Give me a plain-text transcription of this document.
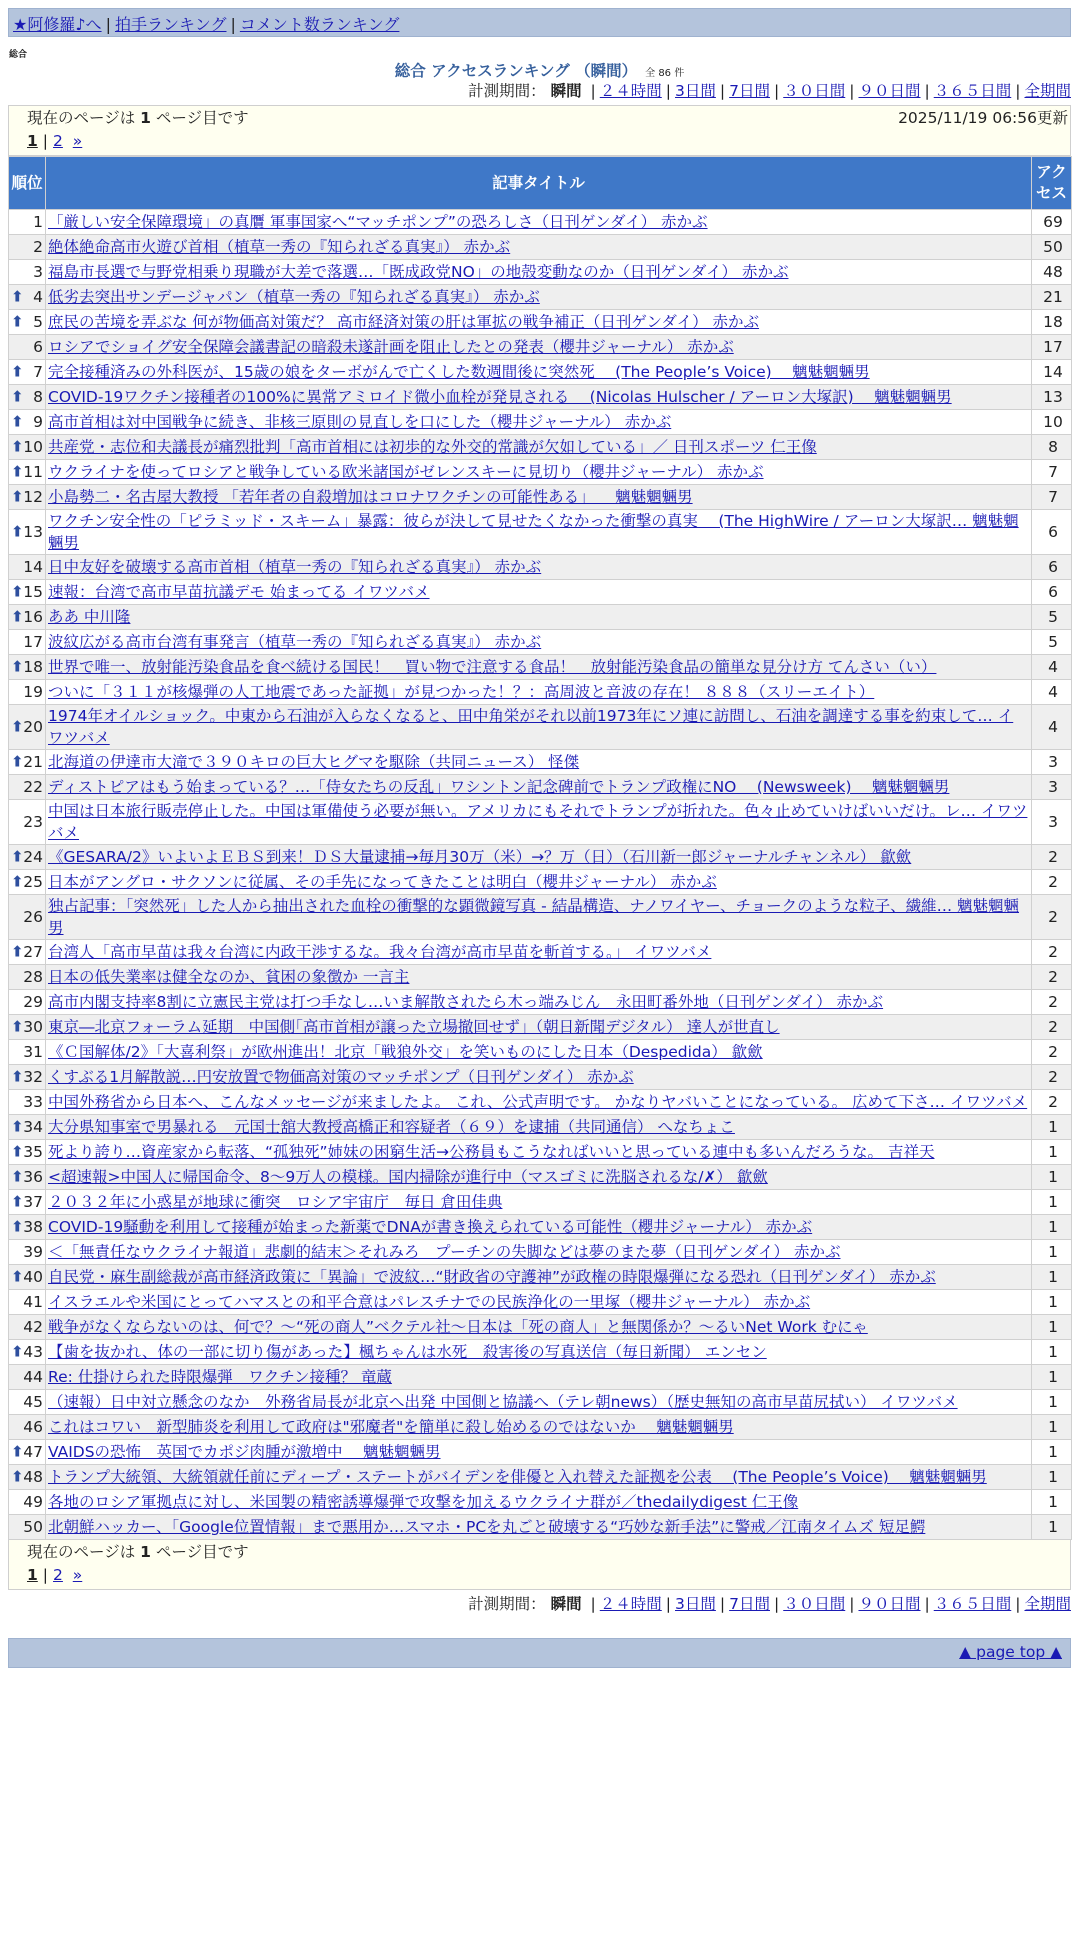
★阿修羅♪へ | 拍手ランキング | コメント数ランキング
総合
総合 アクセスランキング （瞬間） 全 86 件
計測期間： 瞬間 | ２４時間 | 3日間 | 7日間 | ３０日間 | ９０日間 | ３６５日間 | 全期間
現在のページは 1 ページ目です	2025/11/19 06:56更新
1 | 2 »
順位	記事タイトル	アクセス
1	「厳しい安全保障環境」の真贋 軍事国家へ“マッチポンプ”の恐ろしさ（日刊ゲンダイ） 赤かぶ	69
2	絶体絶命高市火遊び首相（植草一秀の『知られざる真実』） 赤かぶ	50
3	福島市長選で与野党相乗り現職が大差で落選…「既成政党NO」の地殻変動なのか（日刊ゲンダイ） 赤かぶ	48

⬆ 4	低劣去突出サンデージャパン（植草一秀の『知られざる真実』） 赤かぶ	21

⬆ 5	庶民の苦境を弄ぶな 何が物価高対策だ？ 高市経済対策の肝は軍拡の戦争補正（日刊ゲンダイ） 赤かぶ	18
6	ロシアでショイグ安全保障会議書記の暗殺未遂計画を阻止したとの発表（櫻井ジャーナル） 赤かぶ	17

⬆ 7	完全接種済みの外科医が、15歳の娘をターボがんで亡くした数週間後に突然死 　(The People’s Voice)　 魑魅魍魎男	14

⬆ 8	COVID-19ワクチン接種者の100%に異常アミロイド微小血栓が発見される 　(Nicolas Hulscher / アーロン大塚訳)　 魑魅魍魎男	13

⬆ 9	高市首相は対中国戦争に続き、非核三原則の見直しを口にした（櫻井ジャーナル） 赤かぶ	10

⬆ 10	共産党・志位和夫議長が痛烈批判「高市首相には初歩的な外交的常識が欠如している」／ 日刊スポーツ 仁王像	8

⬆ 11	ウクライナを使ってロシアと戦争している欧米諸国がゼレンスキーに見切り（櫻井ジャーナル） 赤かぶ	7

⬆ 12	小島勢二・名古屋大教授 「若年者の自殺増加はコロナワクチンの可能性ある」 　魑魅魍魎男	7

⬆ 13	ワクチン安全性の「ピラミッド・スキーム」暴露：彼らが決して見せたくなかった衝撃の真実 　(The HighWire / アーロン大塚訳… 魑魅魍魎男	6
14	日中友好を破壊する高市首相（植草一秀の『知られざる真実』） 赤かぶ	6

⬆ 15	速報：台湾で高市早苗抗議デモ 始まってる イワツバメ	6

⬆ 16	ああ 中川隆	5
17	波紋広がる高市台湾有事発言（植草一秀の『知られざる真実』） 赤かぶ	5

⬆ 18	世界で唯一、放射能汚染食品を食べ続ける国民！　買い物で注意する食品！　放射能汚染食品の簡単な見分け方 てんさい（い）	4
19	ついに「３１１が核爆弾の人工地震であった証拠」が見つかった！？：高周波と音波の存在！ ８８８（スリーエイト）	4

⬆ 20	1974年オイルショック。中東から石油が入らなくなると、田中角栄がそれ以前1973年にソ連に訪問し、石油を調達する事を約束して… イワツバメ	4

⬆ 21	北海道の伊達市大滝で３９０キロの巨大ヒグマを駆除（共同ニュース） 怪傑	3
22	ディストピアはもう始まっている？…「侍女たちの反乱」ワシントン記念碑前でトランプ政権にNO 　(Newsweek)　 魑魅魍魎男	3
23	中国は日本旅行販売停止した。中国は軍備使う必要が無い。アメリカにもそれでトランプが折れた。色々止めていけばいいだけ。レ… イワツバメ	3

⬆ 24	《GESARA/2》いよいよＥＢＳ到来！ＤＳ大量逮捕→毎月30万（米）→？万（日）（石川新一郎ジャーナルチャンネル） 歙歛	2

⬆ 25	日本がアングロ・サクソンに従属、その手先になってきたことは明白（櫻井ジャーナル） 赤かぶ	2
26	独占記事：「突然死」した人から抽出された血栓の衝撃的な顕微鏡写真 - 結晶構造、ナノワイヤー、チョークのような粒子、繊維… 魑魅魍魎男	2

⬆ 27	台湾人「高市早苗は我々台湾に内政干渉するな。我々台湾が高市早苗を斬首する。」 イワツバメ	2
28	日本の低失業率は健全なのか、貧困の象徴か 一言主	2
29	高市内閣支持率8割に立憲民主党は打つ手なし…いま解散されたら木っ端みじん　永田町番外地（日刊ゲンダイ） 赤かぶ	2

⬆ 30	東京―北京フォーラム延期　中国側｢高市首相が譲った立場撤回せず｣（朝日新聞デジタル） 達人が世直し	2
31	《Ｃ国解体/2》「大喜利祭」が欧州進出！北京「戦狼外交」を笑いものにした日本（Despedida） 歙歛	2

⬆ 32	くすぶる1月解散説…円安放置で物価高対策のマッチポンプ（日刊ゲンダイ） 赤かぶ	2
33	中国外務省から日本へ、こんなメッセージが来ましたよ。 これ、公式声明です。 かなりヤバいことになっている。 広めて下さ… イワツバメ	2

⬆ 34	大分県知事室で男暴れる　元国士舘大教授高橋正和容疑者（６９）を逮捕（共同通信） へなちょこ	1

⬆ 35	死より誇り…資産家から転落、“孤独死”姉妹の困窮生活→公務員もこうなればいいと思っている連中も多いんだろうな。 吉祥天	1

⬆ 36	<超速報>中国人に帰国命令、8～9万人の模様。国内掃除が進行中（マスゴミに洗脳されるな/✗） 歙歛	1

⬆ 37	２０３２年に小惑星が地球に衝突　ロシア宇宙庁　毎日 倉田佳典	1

⬆ 38	COVID-19騒動を利用して接種が始まった新薬でDNAが書き換えられている可能性（櫻井ジャーナル） 赤かぶ	1
39	＜「無責任なウクライナ報道」悲劇的結末＞それみろ　プーチンの失脚などは夢のまた夢（日刊ゲンダイ） 赤かぶ	1

⬆ 40	自民党・麻生副総裁が高市経済政策に「異論」で波紋…“財政省の守護神”が政権の時限爆弾になる恐れ（日刊ゲンダイ） 赤かぶ	1
41	イスラエルや米国にとってハマスとの和平合意はパレスチナでの民族浄化の一里塚（櫻井ジャーナル） 赤かぶ	1
42	戦争がなくならないのは、何で？～“死の商人”ベクテル社～日本は「死の商人」と無関係か？～るいNet Work むにゃ	1

⬆ 43	【歯を抜かれ、体の一部に切り傷があった】楓ちゃんは水死　殺害後の写真送信（毎日新聞） エンセン	1
44	Re: 仕掛けられた時限爆弾　ワクチン接種？ 竜蔵	1
45	（速報）日中対立懸念のなか　外務省局長が北京へ出発 中国側と協議へ（テレ朝news）（歴史無知の高市早苗尻拭い） イワツバメ	1
46	これはコワい　新型肺炎を利用して政府は"邪魔者"を簡単に殺し始めるのではないか　 魑魅魍魎男	1

⬆ 47	VAIDSの恐怖　英国でカポジ肉腫が激増中　 魑魅魍魎男	1

⬆ 48	トランプ大統領、大統領就任前にディープ・ステートがバイデンを俳優と入れ替えた証拠を公表 　(The People’s Voice)　 魑魅魍魎男	1
49	各地のロシア軍拠点に対し、米国製の精密誘導爆弾で攻撃を加えるウクライナ群が／thedailydigest 仁王像	1
50	北朝鮮ハッカー、「Google位置情報」まで悪用か…スマホ・PCを丸ごと破壊する“巧妙な新手法”に警戒／江南タイムズ 短足鰐	1
現在のページは 1 ページ目です
1 | 2 »
計測期間： 瞬間 | ２４時間 | 3日間 | 7日間 | ３０日間 | ９０日間 | ３６５日間 | 全期間
▲ page top ▲
